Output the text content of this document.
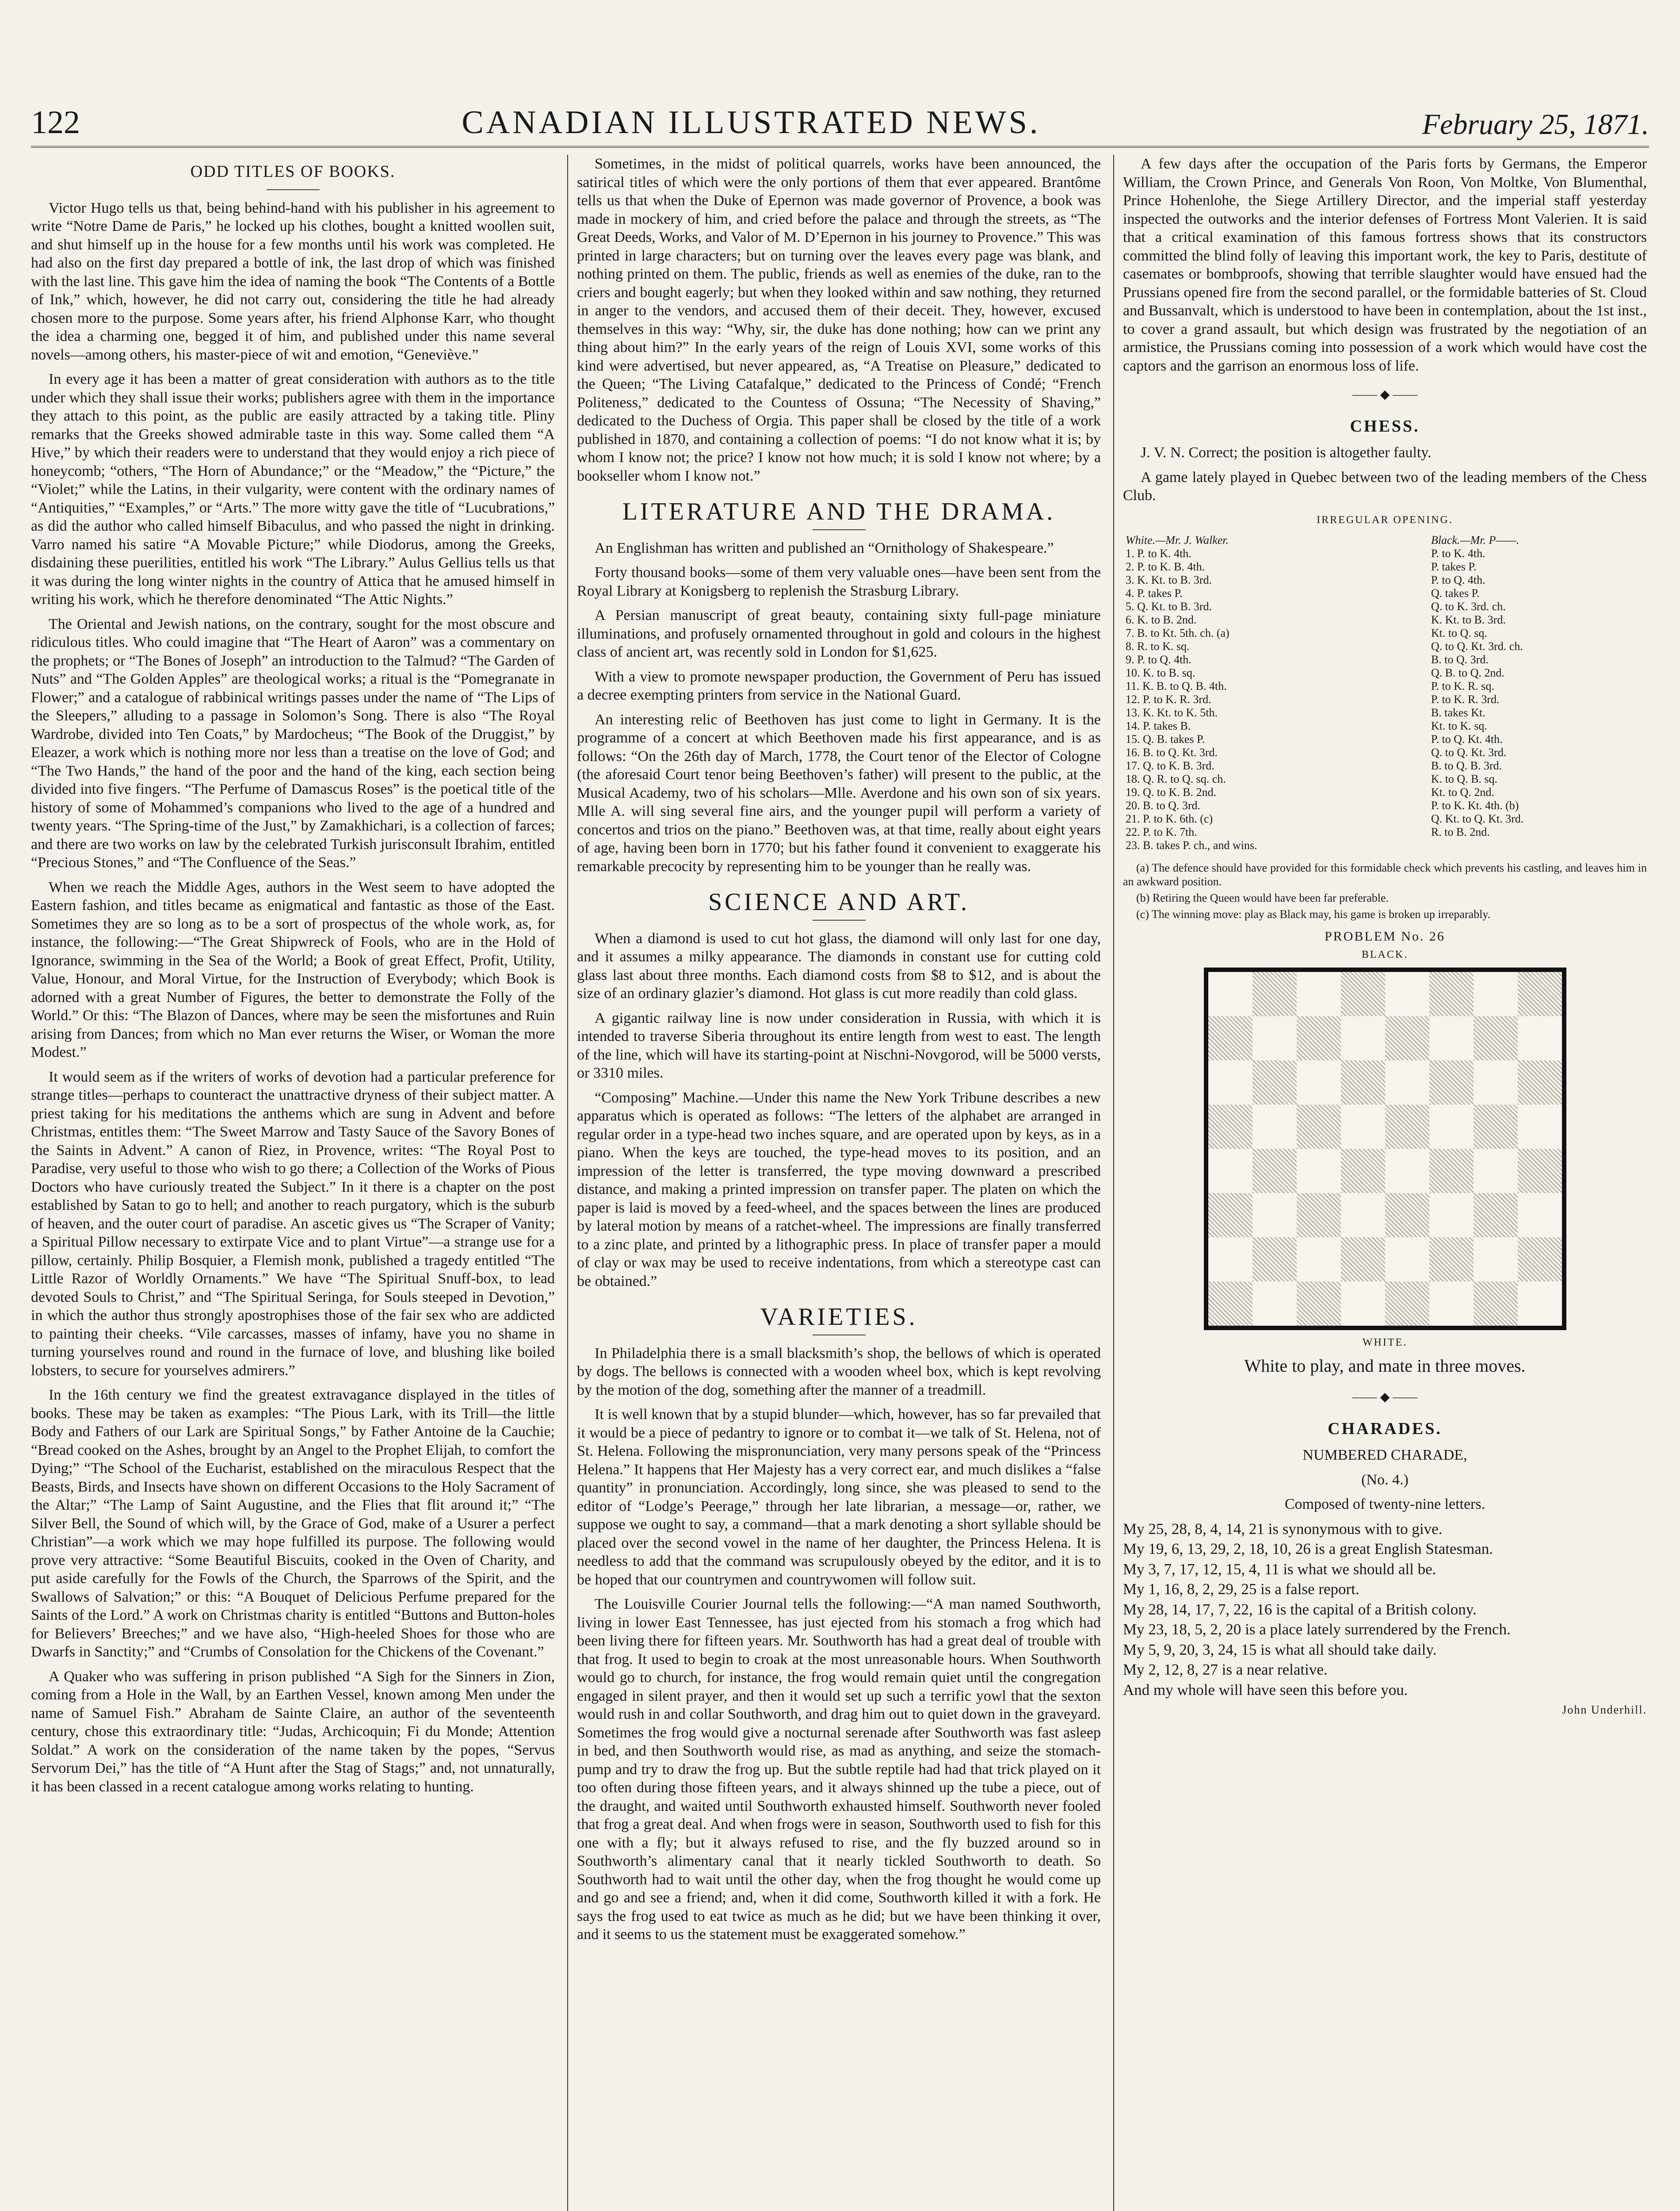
122	CANADIAN ILLUSTRATED NEWS.	February 25, 1871.
ODD TITLES OF BOOKS.

Victor Hugo tells us that, being behind-hand with his publisher in his agreement to write “Notre Dame de Paris,” he locked up his clothes, bought a knitted woollen suit, and shut himself up in the house for a few months until his work was completed. He had also on the first day prepared a bottle of ink, the last drop of which was finished with the last line. This gave him the idea of naming the book “The Contents of a Bottle of Ink,” which, however, he did not carry out, considering the title he had already chosen more to the purpose. Some years after, his friend Alphonse Karr, who thought the idea a charming one, begged it of him, and published under this name several novels—among others, his master-piece of wit and emotion, “Geneviève.”

In every age it has been a matter of great consideration with authors as to the title under which they shall issue their works; publishers agree with them in the importance they attach to this point, as the public are easily attracted by a taking title. Pliny remarks that the Greeks showed admirable taste in this way. Some called them “A Hive,” by which their readers were to understand that they would enjoy a rich piece of honeycomb; “others, “The Horn of Abundance;” or the “Meadow,” the “Picture,” the “Violet;” while the Latins, in their vulgarity, were content with the ordinary names of “Antiquities,” “Examples,” or “Arts.” The more witty gave the title of “Lucubrations,” as did the author who called himself Bibaculus, and who passed the night in drinking. Varro named his satire “A Movable Picture;” while Diodorus, among the Greeks, disdaining these puerilities, entitled his work “The Library.” Aulus Gellius tells us that it was during the long winter nights in the country of Attica that he amused himself in writing his work, which he therefore denominated “The Attic Nights.”

The Oriental and Jewish nations, on the contrary, sought for the most obscure and ridiculous titles. Who could imagine that “The Heart of Aaron” was a commentary on the prophets; or “The Bones of Joseph” an introduction to the Talmud? “The Garden of Nuts” and “The Golden Apples” are theological works; a ritual is the “Pomegranate in Flower;” and a catalogue of rabbinical writings passes under the name of “The Lips of the Sleepers,” alluding to a passage in Solomon’s Song. There is also “The Royal Wardrobe, divided into Ten Coats,” by Mardocheus; “The Book of the Druggist,” by Eleazer, a work which is nothing more nor less than a treatise on the love of God; and “The Two Hands,” the hand of the poor and the hand of the king, each section being divided into five fingers. “The Perfume of Damascus Roses” is the poetical title of the history of some of Mohammed’s companions who lived to the age of a hundred and twenty years. “The Spring-time of the Just,” by Zamakhichari, is a collection of farces; and there are two works on law by the celebrated Turkish jurisconsult Ibrahim, entitled “Precious Stones,” and “The Confluence of the Seas.”

When we reach the Middle Ages, authors in the West seem to have adopted the Eastern fashion, and titles became as enigmatical and fantastic as those of the East. Sometimes they are so long as to be a sort of prospectus of the whole work, as, for instance, the following:—“The Great Shipwreck of Fools, who are in the Hold of Ignorance, swimming in the Sea of the World; a Book of great Effect, Profit, Utility, Value, Honour, and Moral Virtue, for the Instruction of Everybody; which Book is adorned with a great Number of Figures, the better to demonstrate the Folly of the World.” Or this: “The Blazon of Dances, where may be seen the misfortunes and Ruin arising from Dances; from which no Man ever returns the Wiser, or Woman the more Modest.”

It would seem as if the writers of works of devotion had a particular preference for strange titles—perhaps to counteract the unattractive dryness of their subject matter. A priest taking for his meditations the anthems which are sung in Advent and before Christmas, entitles them: “The Sweet Marrow and Tasty Sauce of the Savory Bones of the Saints in Advent.” A canon of Riez, in Provence, writes: “The Royal Post to Paradise, very useful to those who wish to go there; a Collection of the Works of Pious Doctors who have curiously treated the Subject.” In it there is a chapter on the post established by Satan to go to hell; and another to reach purgatory, which is the suburb of heaven, and the outer court of paradise. An ascetic gives us “The Scraper of Vanity; a Spiritual Pillow necessary to extirpate Vice and to plant Virtue”—a strange use for a pillow, certainly. Philip Bosquier, a Flemish monk, published a tragedy entitled “The Little Razor of Worldly Ornaments.” We have “The Spiritual Snuff-box, to lead devoted Souls to Christ,” and “The Spiritual Seringa, for Souls steeped in Devotion,” in which the author thus strongly apostrophises those of the fair sex who are addicted to painting their cheeks. “Vile carcasses, masses of infamy, have you no shame in turning yourselves round and round in the furnace of love, and blushing like boiled lobsters, to secure for yourselves admirers.”

In the 16th century we find the greatest extravagance displayed in the titles of books. These may be taken as examples: “The Pious Lark, with its Trill—the little Body and Fathers of our Lark are Spiritual Songs,” by Father Antoine de la Cauchie; “Bread cooked on the Ashes, brought by an Angel to the Prophet Elijah, to comfort the Dying;” “The School of the Eucharist, established on the miraculous Respect that the Beasts, Birds, and Insects have shown on different Occasions to the Holy Sacrament of the Altar;” “The Lamp of Saint Augustine, and the Flies that flit around it;” “The Silver Bell, the Sound of which will, by the Grace of God, make of a Usurer a perfect Christian”—a work which we may hope fulfilled its purpose. The following would prove very attractive: “Some Beautiful Biscuits, cooked in the Oven of Charity, and put aside carefully for the Fowls of the Church, the Sparrows of the Spirit, and the Swallows of Salvation;” or this: “A Bouquet of Delicious Perfume prepared for the Saints of the Lord.” A work on Christmas charity is entitled “Buttons and Button-holes for Believers’ Breeches;” and we have also, “High-heeled Shoes for those who are Dwarfs in Sanctity;” and “Crumbs of Consolation for the Chickens of the Covenant.”

A Quaker who was suffering in prison published “A Sigh for the Sinners in Zion, coming from a Hole in the Wall, by an Earthen Vessel, known among Men under the name of Samuel Fish.” Abraham de Sainte Claire, an author of the seventeenth century, chose this extraordinary title: “Judas, Archicoquin; Fi du Monde; Attention Soldat.” A work on the consideration of the name taken by the popes, “Servus Servorum Dei,” has the title of “A Hunt after the Stag of Stags;” and, not unnaturally, it has been classed in a recent catalogue among works relating to hunting.

Sometimes, in the midst of political quarrels, works have been announced, the satirical titles of which were the only portions of them that ever appeared. Brantôme tells us that when the Duke of Epernon was made governor of Provence, a book was made in mockery of him, and cried before the palace and through the streets, as “The Great Deeds, Works, and Valor of M. D’Epernon in his journey to Provence.” This was printed in large characters; but on turning over the leaves every page was blank, and nothing printed on them. The public, friends as well as enemies of the duke, ran to the criers and bought eagerly; but when they looked within and saw nothing, they returned in anger to the vendors, and accused them of their deceit. They, however, excused themselves in this way: “Why, sir, the duke has done nothing; how can we print any thing about him?” In the early years of the reign of Louis XVI, some works of this kind were advertised, but never appeared, as, “A Treatise on Pleasure,” dedicated to the Queen; “The Living Catafalque,” dedicated to the Princess of Condé; “French Politeness,” dedicated to the Countess of Ossuna; “The Necessity of Shaving,” dedicated to the Duchess of Orgia. This paper shall be closed by the title of a work published in 1870, and containing a collection of poems: “I do not know what it is; by whom I know not; the price? I know not how much; it is sold I know not where; by a bookseller whom I know not.”

LITERATURE AND THE DRAMA.

An Englishman has written and published an “Ornithology of Shakespeare.”

Forty thousand books—some of them very valuable ones—have been sent from the Royal Library at Konigsberg to replenish the Strasburg Library.

A Persian manuscript of great beauty, containing sixty full-page miniature illuminations, and profusely ornamented throughout in gold and colours in the highest class of ancient art, was recently sold in London for $1,625.

With a view to promote newspaper production, the Government of Peru has issued a decree exempting printers from service in the National Guard.

An interesting relic of Beethoven has just come to light in Germany. It is the programme of a concert at which Beethoven made his first appearance, and is as follows: “On the 26th day of March, 1778, the Court tenor of the Elector of Cologne (the aforesaid Court tenor being Beethoven’s father) will present to the public, at the Musical Academy, two of his scholars—Mlle. Averdone and his own son of six years. Mlle A. will sing several fine airs, and the younger pupil will perform a variety of concertos and trios on the piano.” Beethoven was, at that time, really about eight years of age, having been born in 1770; but his father found it convenient to exaggerate his remarkable precocity by representing him to be younger than he really was.

SCIENCE AND ART.

When a diamond is used to cut hot glass, the diamond will only last for one day, and it assumes a milky appearance. The diamonds in constant use for cutting cold glass last about three months. Each diamond costs from $8 to $12, and is about the size of an ordinary glazier’s diamond. Hot glass is cut more readily than cold glass.

A gigantic railway line is now under consideration in Russia, with which it is intended to traverse Siberia throughout its entire length from west to east. The length of the line, which will have its starting-point at Nischni-Novgorod, will be 5000 versts, or 3310 miles.

“Composing” Machine.—Under this name the New York Tribune describes a new apparatus which is operated as follows: “The letters of the alphabet are arranged in regular order in a type-head two inches square, and are operated upon by keys, as in a piano. When the keys are touched, the type-head moves to its position, and an impression of the letter is transferred, the type moving downward a prescribed distance, and making a printed impression on transfer paper. The platen on which the paper is laid is moved by a feed-wheel, and the spaces between the lines are produced by lateral motion by means of a ratchet-wheel. The impressions are finally transferred to a zinc plate, and printed by a lithographic press. In place of transfer paper a mould of clay or wax may be used to receive indentations, from which a stereotype cast can be obtained.”

VARIETIES.

In Philadelphia there is a small blacksmith’s shop, the bellows of which is operated by dogs. The bellows is connected with a wooden wheel box, which is kept revolving by the motion of the dog, something after the manner of a treadmill.

It is well known that by a stupid blunder—which, however, has so far prevailed that it would be a piece of pedantry to ignore or to combat it—we talk of St. Helena, not of St. Helena. Following the mispronunciation, very many persons speak of the “Princess Helena.” It happens that Her Majesty has a very correct ear, and much dislikes a “false quantity” in pronunciation. Accordingly, long since, she was pleased to send to the editor of “Lodge’s Peerage,” through her late librarian, a message—or, rather, we suppose we ought to say, a command—that a mark denoting a short syllable should be placed over the second vowel in the name of her daughter, the Princess Helena. It is needless to add that the command was scrupulously obeyed by the editor, and it is to be hoped that our countrymen and countrywomen will follow suit.

The Louisville Courier Journal tells the following:—“A man named Southworth, living in lower East Tennessee, has just ejected from his stomach a frog which had been living there for fifteen years. Mr. Southworth has had a great deal of trouble with that frog. It used to begin to croak at the most unreasonable hours. When Southworth would go to church, for instance, the frog would remain quiet until the congregation engaged in silent prayer, and then it would set up such a terrific yowl that the sexton would rush in and collar Southworth, and drag him out to quiet down in the graveyard. Sometimes the frog would give a nocturnal serenade after Southworth was fast asleep in bed, and then Southworth would rise, as mad as anything, and seize the stomach-pump and try to draw the frog up. But the subtle reptile had had that trick played on it too often during those fifteen years, and it always shinned up the tube a piece, out of the draught, and waited until Southworth exhausted himself. Southworth never fooled that frog a great deal. And when frogs were in season, Southworth used to fish for this one with a fly; but it always refused to rise, and the fly buzzed around so in Southworth’s alimentary canal that it nearly tickled Southworth to death. So Southworth had to wait until the other day, when the frog thought he would come up and go and see a friend; and, when it did come, Southworth killed it with a fork. He says the frog used to eat twice as much as he did; but we have been thinking it over, and it seems to us the statement must be exaggerated somehow.”

A few days after the occupation of the Paris forts by Germans, the Emperor William, the Crown Prince, and Generals Von Roon, Von Moltke, Von Blumenthal, Prince Hohenlohe, the Siege Artillery Director, and the imperial staff yesterday inspected the outworks and the interior defenses of Fortress Mont Valerien. It is said that a critical examination of this famous fortress shows that its constructors committed the blind folly of leaving this important work, the key to Paris, destitute of casemates or bombproofs, showing that terrible slaughter would have ensued had the Prussians opened fire from the second parallel, or the formidable batteries of St. Cloud and Bussanvalt, which is understood to have been in contemplation, about the 1st inst., to cover a grand assault, but which design was frustrated by the negotiation of an armistice, the Prussians coming into possession of a work which would have cost the captors and the garrison an enormous loss of life.

—— ◆ ——
CHESS.

J. V. N. Correct; the position is altogether faulty.

A game lately played in Quebec between two of the leading members of the Chess Club.

IRREGULAR OPENING.
White.—Mr. J. Walker.	Black.—Mr. P——.
1. P. to K. 4th.	P. to K. 4th.
2. P. to K. B. 4th.	P. takes P.
3. K. Kt. to B. 3rd.	P. to Q. 4th.
4. P. takes P.	Q. takes P.
5. Q. Kt. to B. 3rd.	Q. to K. 3rd. ch.
6. K. to B. 2nd.	K. Kt. to B. 3rd.
7. B. to Kt. 5th. ch. (a)	Kt. to Q. sq.
8. R. to K. sq.	Q. to Q. Kt. 3rd. ch.
9. P. to Q. 4th.	B. to Q. 3rd.
10. K. to B. sq.	Q. B. to Q. 2nd.
11. K. B. to Q. B. 4th.	P. to K. R. sq.
12. P. to K. R. 3rd.	P. to K. R. 3rd.
13. K. Kt. to K. 5th.	B. takes Kt.
14. P. takes B.	Kt. to K. sq.
15. Q. B. takes P.	P. to Q. Kt. 4th.
16. B. to Q. Kt. 3rd.	Q. to Q. Kt. 3rd.
17. Q. to K. B. 3rd.	B. to Q. B. 3rd.
18. Q. R. to Q. sq. ch.	K. to Q. B. sq.
19. Q. to K. B. 2nd.	Kt. to Q. 2nd.
20. B. to Q. 3rd.	P. to K. Kt. 4th. (b)
21. P. to K. 6th. (c)	Q. Kt. to Q. Kt. 3rd.
22. P. to K. 7th.	R. to B. 2nd.
23. B. takes P. ch., and wins.	

(a) The defence should have provided for this formidable check which prevents his castling, and leaves him in an awkward position.

(b) Retiring the Queen would have been far preferable.

(c) The winning move: play as Black may, his game is broken up irreparably.

PROBLEM No. 26
BLACK.
WHITE.
White to play, and mate in three moves.
—— ◆ ——
CHARADES.

NUMBERED CHARADE,

(No. 4.)

Composed of twenty-nine letters.

My 25, 28, 8, 4, 14, 21 is synonymous with to give.

My 19, 6, 13, 29, 2, 18, 10, 26 is a great English Statesman.

My 3, 7, 17, 12, 15, 4, 11 is what we should all be.

My 1, 16, 8, 2, 29, 25 is a false report.

My 28, 14, 17, 7, 22, 16 is the capital of a British colony.

My 23, 18, 5, 2, 20 is a place lately surrendered by the French.

My 5, 9, 20, 3, 24, 15 is what all should take daily.

My 2, 12, 8, 27 is a near relative.

And my whole will have seen this before you.

John Underhill.
